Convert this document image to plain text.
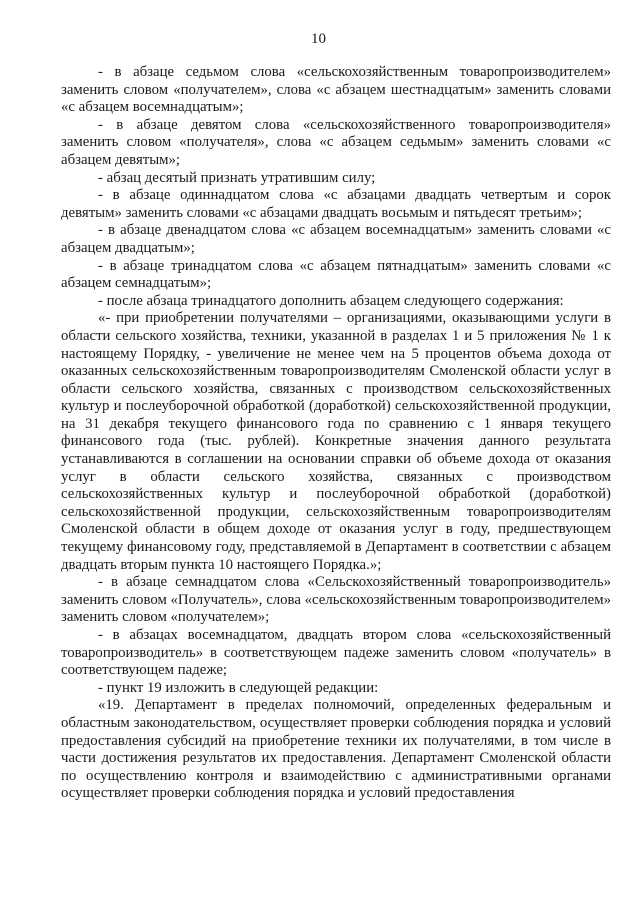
10

- в абзаце седьмом слова «сельскохозяйственным товаропроизводителем» заменить словом «получателем», слова «с абзацем шестнадцатым» заменить словами «с абзацем восемнадцатым»;

- в абзаце девятом слова «сельскохозяйственного товаропроизводителя» заменить словом «получателя», слова «с абзацем седьмым» заменить словами «с абзацем девятым»;

- абзац десятый признать утратившим силу;

- в абзаце одиннадцатом слова «с абзацами двадцать четвертым и сорок девятым» заменить словами «с абзацами двадцать восьмым и пятьдесят третьим»;

- в абзаце двенадцатом слова «с абзацем восемнадцатым» заменить словами «с абзацем двадцатым»;

- в абзаце тринадцатом слова «с абзацем пятнадцатым» заменить словами «с абзацем семнадцатым»;

- после абзаца тринадцатого дополнить абзацем следующего содержания:

«- при приобретении получателями – организациями, оказывающими услуги в области сельского хозяйства, техники, указанной в разделах 1 и 5 приложения № 1 к настоящему Порядку, - увеличение не менее чем на 5 процентов объема дохода от оказанных сельскохозяйственным товаропроизводителям Смоленской области услуг в области сельского хозяйства, связанных с производством сельскохозяйственных культур и послеуборочной обработкой (доработкой) сельскохозяйственной продукции, на 31 декабря текущего финансового года по сравнению с 1 января текущего финансового года (тыс. рублей). Конкретные значения данного результата устанавливаются в соглашении на основании справки об объеме дохода от оказания услуг в области сельского хозяйства, связанных с производством сельскохозяйственных культур и послеуборочной обработкой (доработкой) сельскохозяйственной продукции, сельскохозяйственным товаропроизводителям Смоленской области в общем доходе от оказания услуг в году, предшествующем текущему финансовому году, представляемой в Департамент в соответствии с абзацем двадцать вторым пункта 10 настоящего Порядка.»;

- в абзаце семнадцатом слова «Сельскохозяйственный товаропроизводитель» заменить словом «Получатель», слова «сельскохозяйственным товаропроизводителем» заменить словом «получателем»;

- в абзацах восемнадцатом, двадцать втором слова «сельскохозяйственный товаропроизводитель» в соответствующем падеже заменить словом «получатель» в соответствующем падеже;

- пункт 19 изложить в следующей редакции:

«19. Департамент в пределах полномочий, определенных федеральным и областным законодательством, осуществляет проверки соблюдения порядка и условий предоставления субсидий на приобретение техники их получателями, в том числе в части достижения результатов их предоставления. Департамент Смоленской области по осуществлению контроля и взаимодействию с административными органами осуществляет проверки соблюдения порядка и условий предоставления
